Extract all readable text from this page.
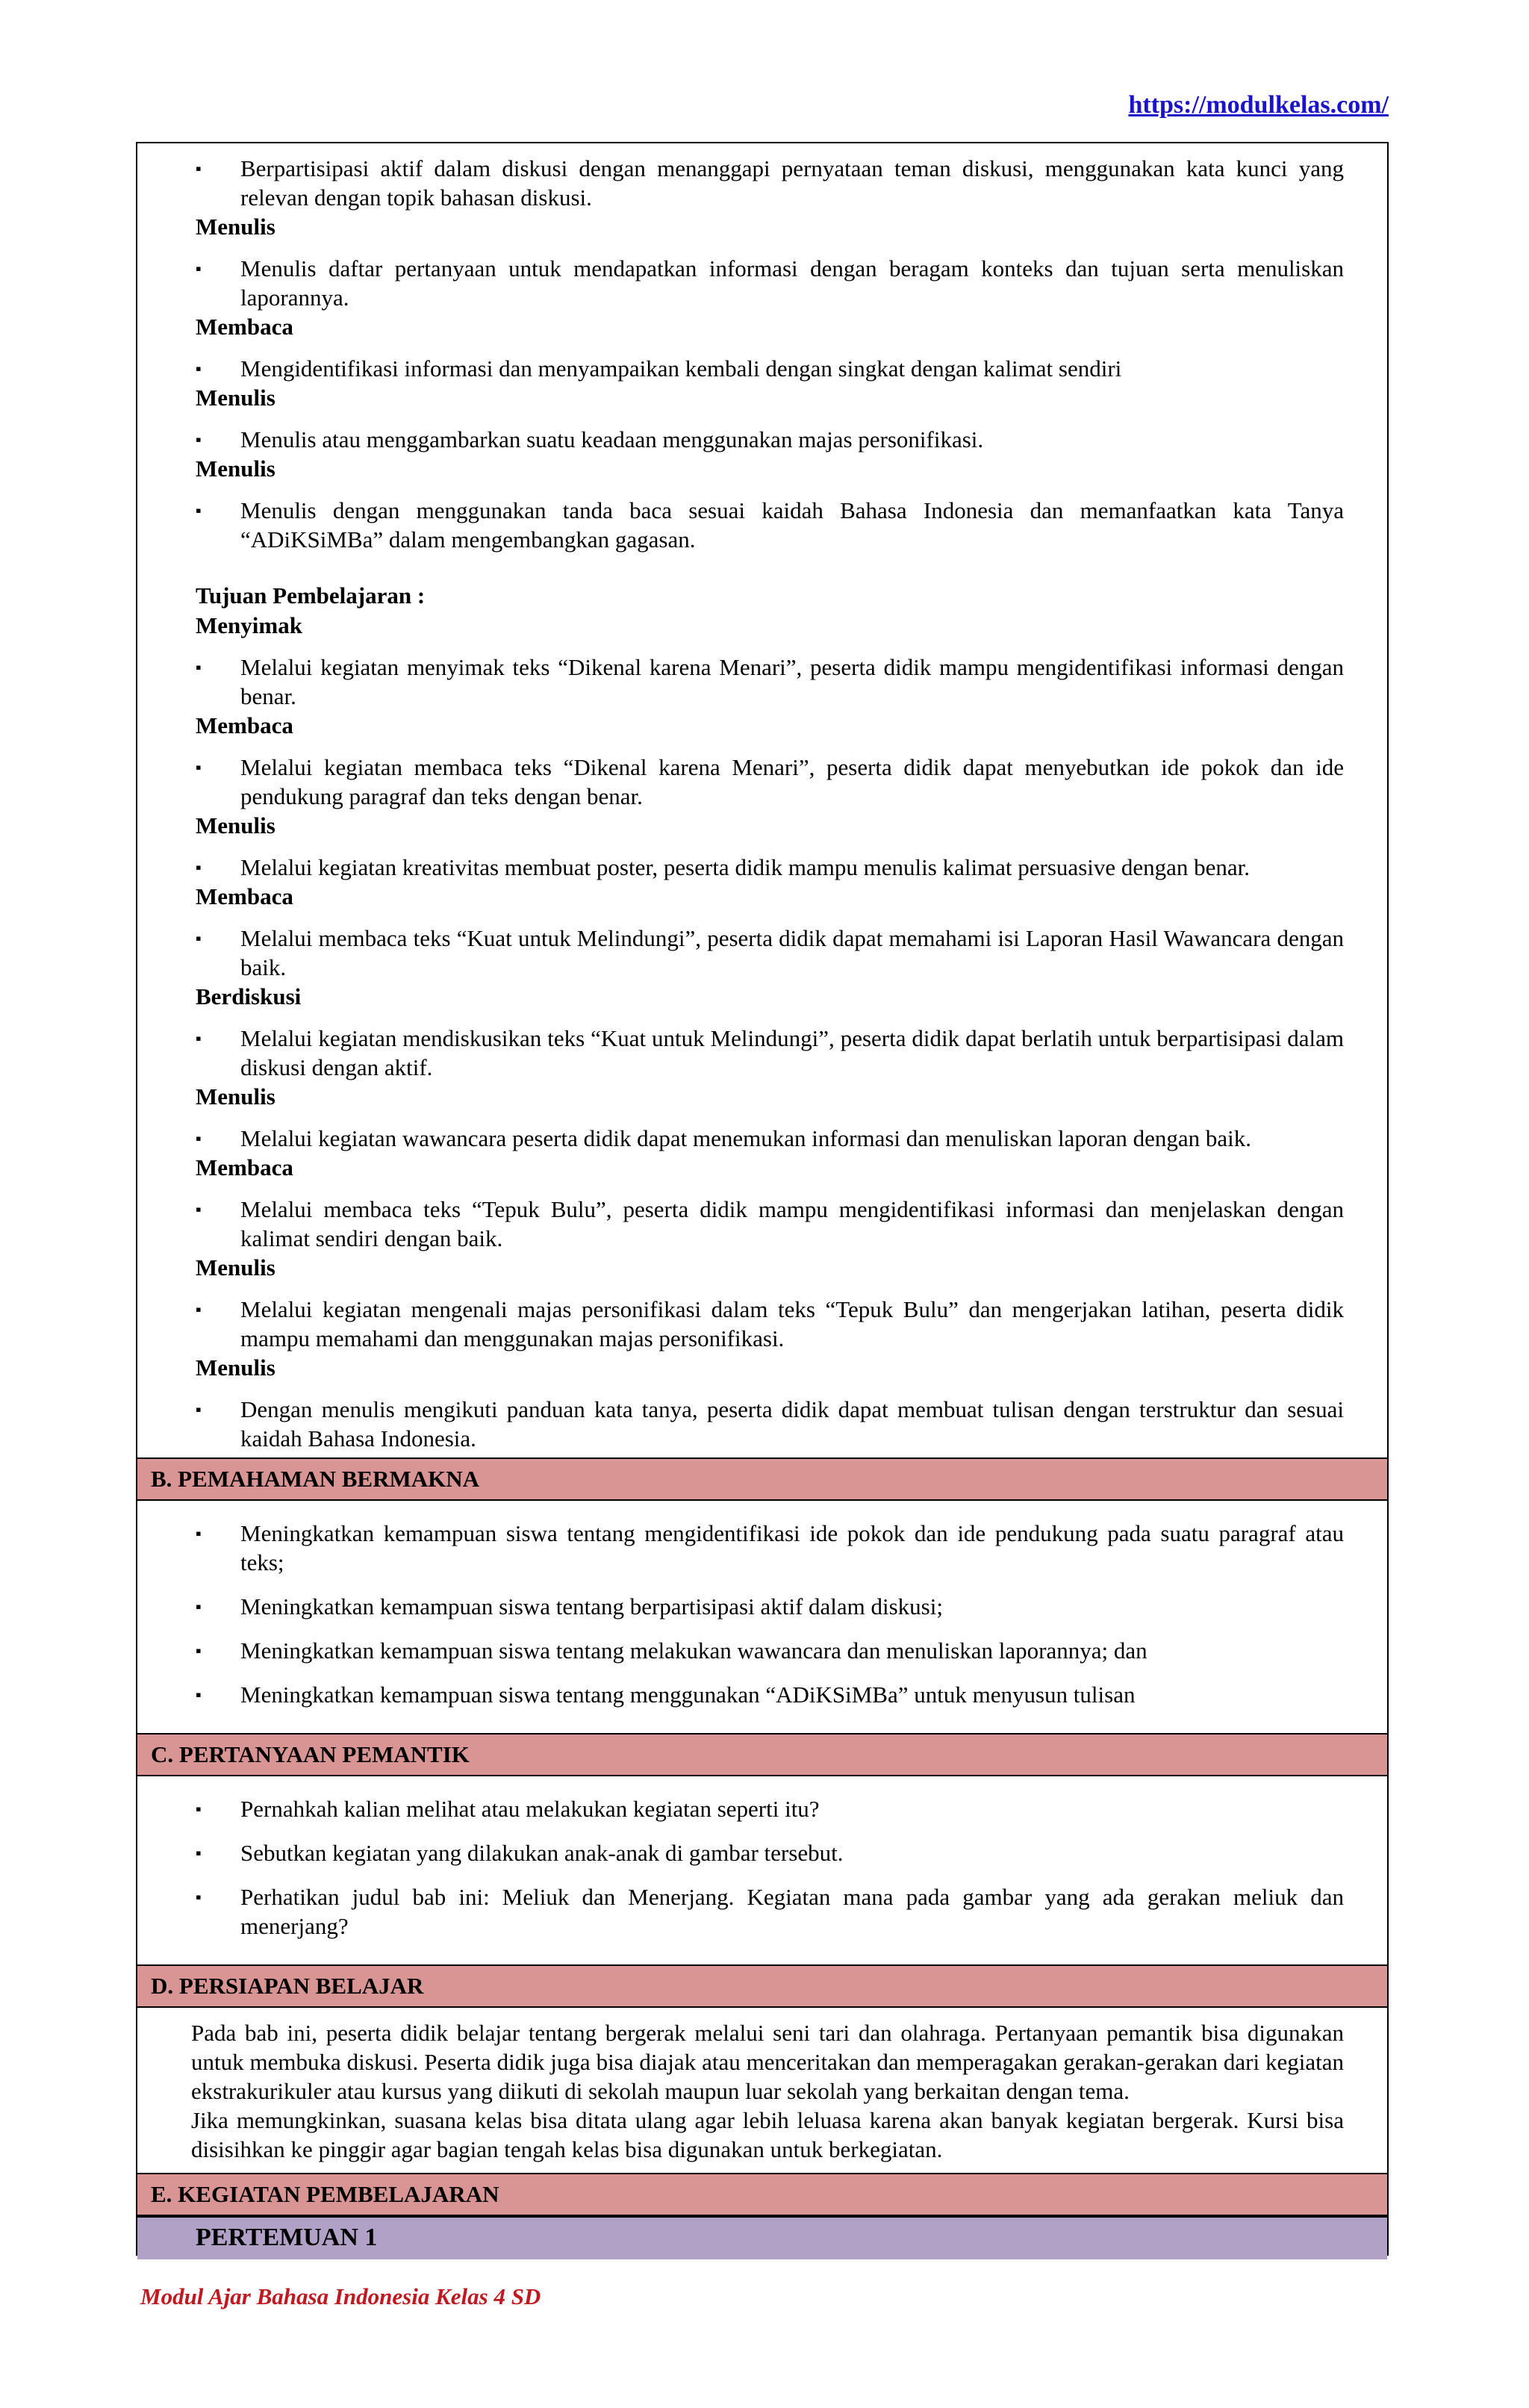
https://modulkelas.com/
▪ Berpartisipasi aktif dalam diskusi dengan menanggapi pernyataan teman diskusi, menggunakan kata kunci yang relevan dengan topik bahasan diskusi.
Menulis
▪ Menulis daftar pertanyaan untuk mendapatkan informasi dengan beragam konteks dan tujuan serta menuliskan laporannya.
Membaca
▪ Mengidentifikasi informasi dan menyampaikan kembali dengan singkat dengan kalimat sendiri
Menulis
▪ Menulis atau menggambarkan suatu keadaan menggunakan majas personifikasi.
Menulis
▪ Menulis dengan menggunakan tanda baca sesuai kaidah Bahasa Indonesia dan memanfaatkan kata Tanya “ADiKSiMBa” dalam mengembangkan gagasan.
Tujuan Pembelajaran :
Menyimak
▪ Melalui kegiatan menyimak teks “Dikenal karena Menari”, peserta didik mampu mengidentifikasi informasi dengan benar.
Membaca
▪ Melalui kegiatan membaca teks “Dikenal karena Menari”, peserta didik dapat menyebutkan ide pokok dan ide pendukung paragraf dan teks dengan benar.
Menulis
▪ Melalui kegiatan kreativitas membuat poster, peserta didik mampu menulis kalimat persuasive dengan benar.
Membaca
▪ Melalui membaca teks “Kuat untuk Melindungi”, peserta didik dapat memahami isi Laporan Hasil Wawancara dengan baik.
Berdiskusi
▪ Melalui kegiatan mendiskusikan teks “Kuat untuk Melindungi”, peserta didik dapat berlatih untuk berpartisipasi dalam diskusi dengan aktif.
Menulis
▪ Melalui kegiatan wawancara peserta didik dapat menemukan informasi dan menuliskan laporan dengan baik.
Membaca
▪ Melalui membaca teks “Tepuk Bulu”, peserta didik mampu mengidentifikasi informasi dan menjelaskan dengan kalimat sendiri dengan baik.
Menulis
▪ Melalui kegiatan mengenali majas personifikasi dalam teks “Tepuk Bulu” dan mengerjakan latihan, peserta didik mampu memahami dan menggunakan majas personifikasi.
Menulis
▪ Dengan menulis mengikuti panduan kata tanya, peserta didik dapat membuat tulisan dengan terstruktur dan sesuai kaidah Bahasa Indonesia.
B. PEMAHAMAN BERMAKNA
▪ Meningkatkan kemampuan siswa tentang mengidentifikasi ide pokok dan ide pendukung pada suatu paragraf atau teks;
▪ Meningkatkan kemampuan siswa tentang berpartisipasi aktif dalam diskusi;
▪ Meningkatkan kemampuan siswa tentang melakukan wawancara dan menuliskan laporannya; dan
▪ Meningkatkan kemampuan siswa tentang menggunakan “ADiKSiMBa” untuk menyusun tulisan
C. PERTANYAAN PEMANTIK
▪ Pernahkah kalian melihat atau melakukan kegiatan seperti itu?
▪ Sebutkan kegiatan yang dilakukan anak-anak di gambar tersebut.
▪ Perhatikan judul bab ini: Meliuk dan Menerjang. Kegiatan mana pada gambar yang ada gerakan meliuk dan menerjang?
D. PERSIAPAN BELAJAR

Pada bab ini, peserta didik belajar tentang bergerak melalui seni tari dan olahraga. Pertanyaan pemantik bisa digunakan untuk membuka diskusi. Peserta didik juga bisa diajak atau menceritakan dan memperagakan gerakan-gerakan dari kegiatan ekstrakurikuler atau kursus yang diikuti di sekolah maupun luar sekolah yang berkaitan dengan tema.

Jika memungkinkan, suasana kelas bisa ditata ulang agar lebih leluasa karena akan banyak kegiatan bergerak. Kursi bisa disisihkan ke pinggir agar bagian tengah kelas bisa digunakan untuk berkegiatan.

E. KEGIATAN PEMBELAJARAN
PERTEMUAN 1
Modul Ajar Bahasa Indonesia Kelas 4 SD
